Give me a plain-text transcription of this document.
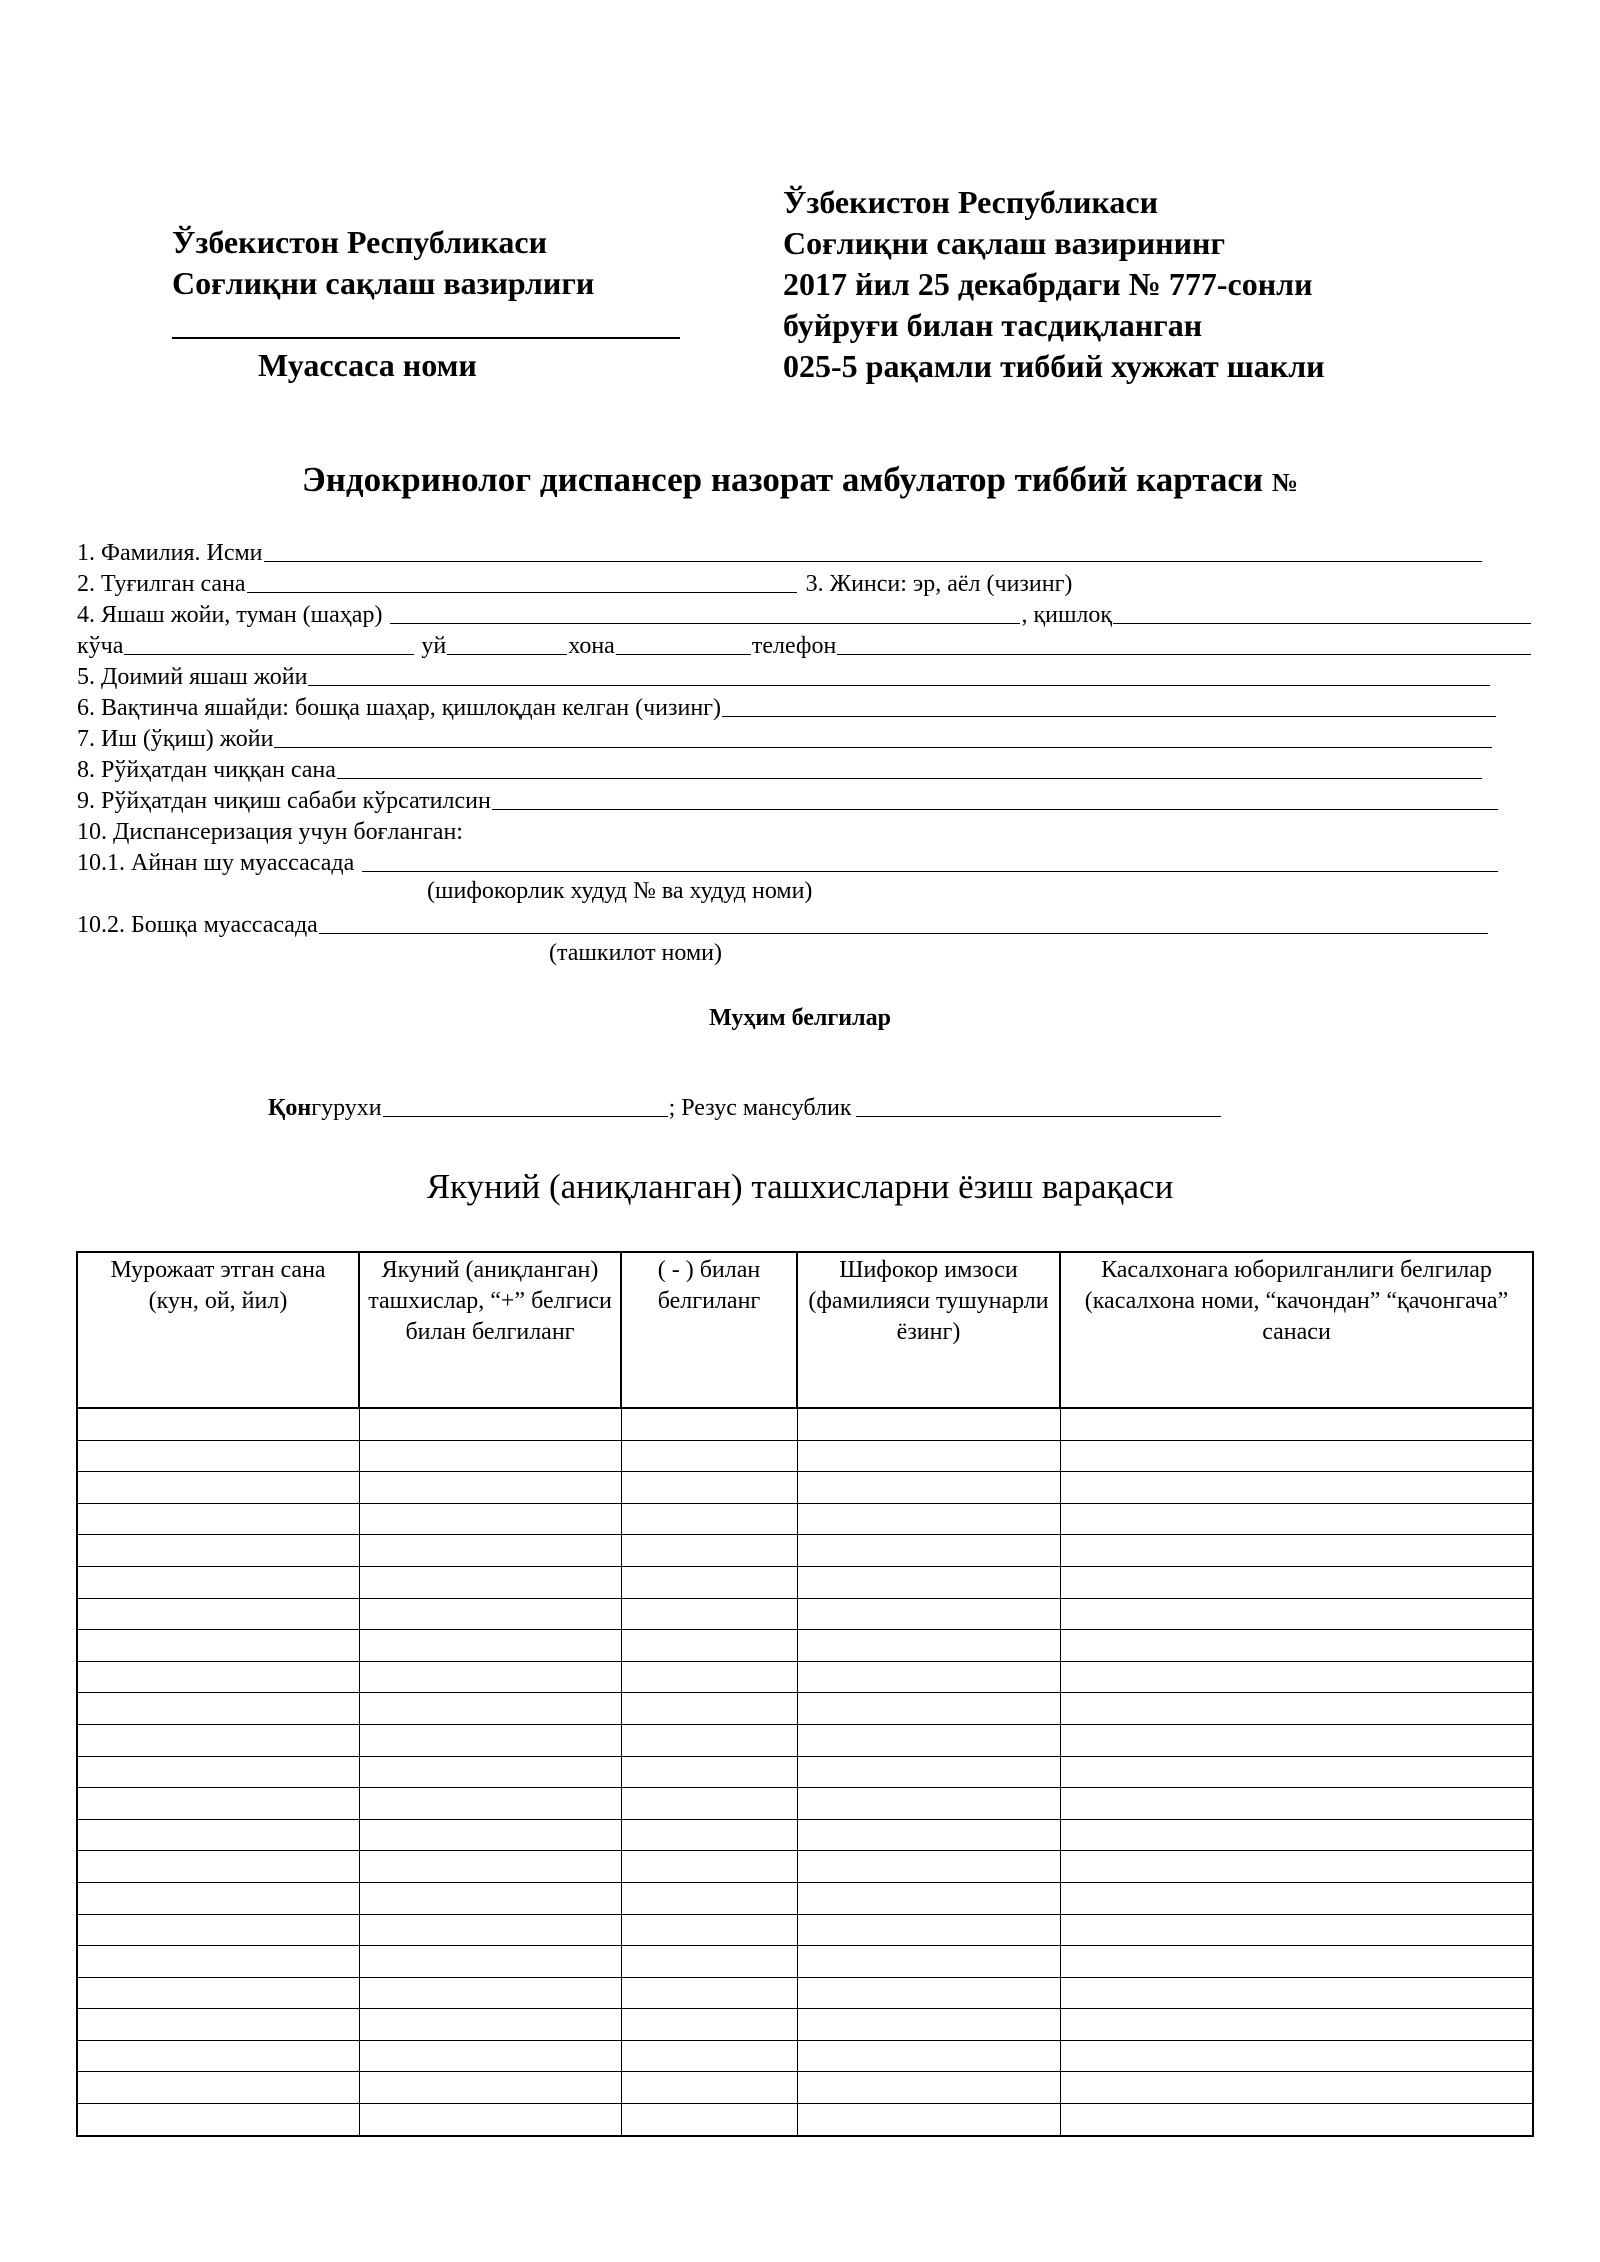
Ўзбекистон Республикаси
Соғлиқни сақлаш вазирлиги
Муассаса номи
Ўзбекистон Республикаси
Соғлиқни сақлаш вазирининг
2017 йил 25 декабрдаги № 777-сонли
буйруғи билан тасдиқланган
025-5 рақамли тиббий хужжат шакли
Эндокринолог диспансер назорат амбулатор тиббий картаси №
1. Фамилия. Исми
2. Туғилган сана	3. Жинси: эр, аёл (чизинг)
4. Яшаш жойи, туман (шаҳар)	, қишлоқ
кўча	уй	хона	телефон
5. Доимий яшаш жойи
6. Вақтинча яшайди: бошқа шаҳар, қишлоқдан келган (чизинг)
7. Иш (ўқиш) жойи
8. Рўйҳатдан чиққан сана
9. Рўйҳатдан чиқиш сабаби кўрсатилсин
10. Диспансеризация учун боғланган:
10.1. Айнан шу муассасада
(шифокорлик худуд № ва худуд номи)
10.2. Бошқа муассасада
(ташкилот номи)
Муҳим белгилар
Қон гурухи	; Резус мансублик
Якуний (аниқланган) ташхисларни ёзиш варақаси
Мурожаат этган сана (кун, ой, йил)	Якуний (аниқланган) ташхислар, “+” белгиси билан белгиланг	( - ) билан белгиланг	Шифокор имзоси (фамилияси тушунарли ёзинг)	Касалхонага юборилганлиги белгилар (касалхона номи, “качондан” “қачонгача” санаси
